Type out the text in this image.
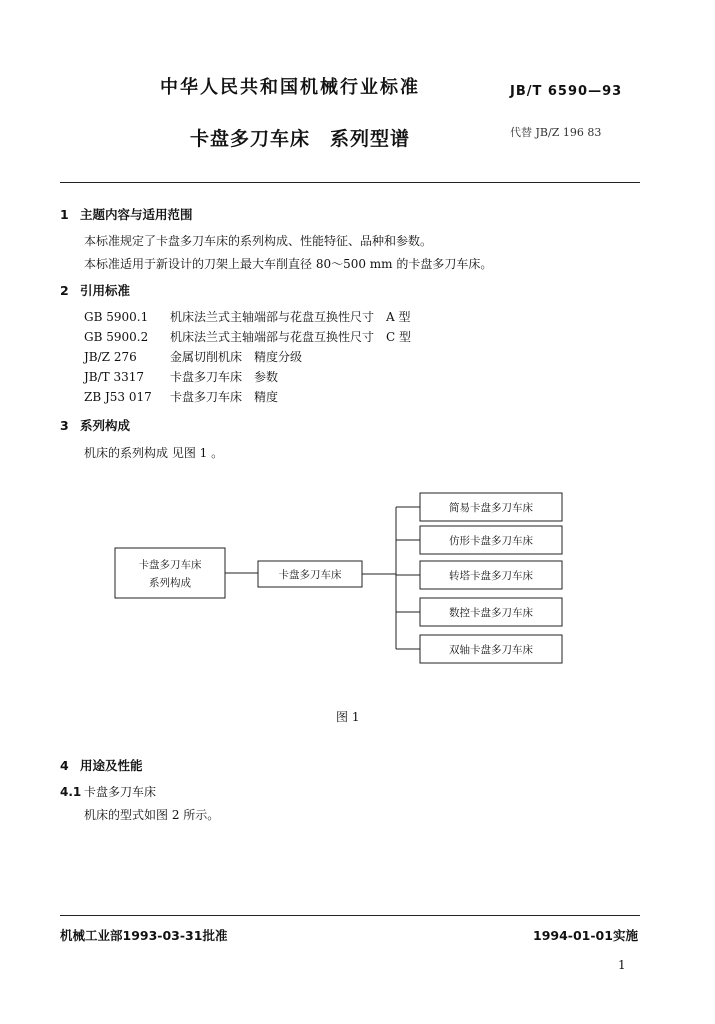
中华人民共和国机械行业标准	JB/T 6590—93
卡盘多刀车床　系列型谱	代替 JB/Z 196 83
1 主题内容与适用范围
本标准规定了卡盘多刀车床的系列构成、性能特征、品种和参数。
本标准适用于新设计的刀架上最大车削直径 80～500 mm 的卡盘多刀车床。
2 引用标准
GB 5900.1 机床法兰式主轴端部与花盘互换性尺寸　A 型
GB 5900.2 机床法兰式主轴端部与花盘互换性尺寸　C 型
JB/Z 276	金属切削机床　精度分级
JB/T 3317 卡盘多刀车床　参数
ZB J53 017 卡盘多刀车床　精度
3 系列构成
机床的系列构成 见图 1 。
卡盘多刀车床
系列构成
卡盘多刀车床
简易卡盘多刀车床
仿形卡盘多刀车床
转塔卡盘多刀车床
数控卡盘多刀车床
双轴卡盘多刀车床
图 1
4 用途及性能
4.1 卡盘多刀车床
机床的型式如图 2 所示。
机械工业部1993-03-31批准	1994-01-01实施
1
